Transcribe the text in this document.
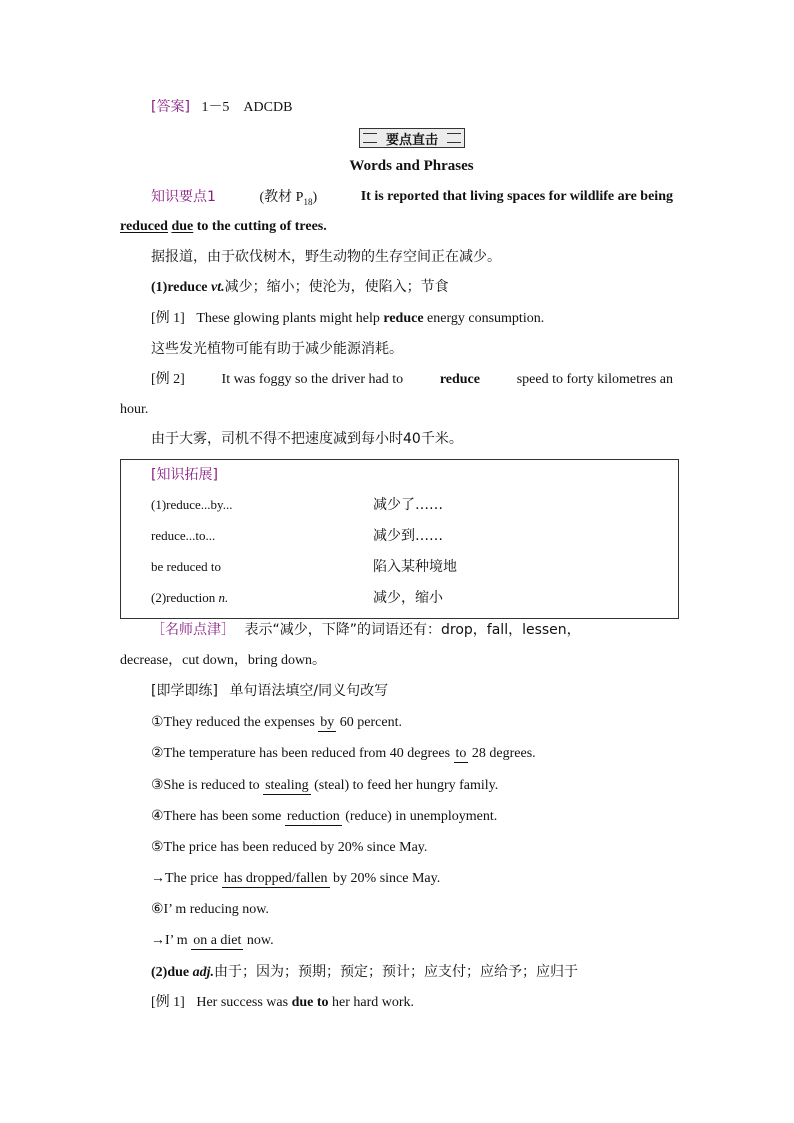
[答案] 1－5　ADCDB
要点直击
Words and Phrases
知识要点1	(教材 $P_{18}$)	It is reported that living spaces for wildlife are being
reduced due to the cutting of trees.
据报道，由于砍伐树木，野生动物的生存空间正在减少。
(1)reduce vt.减少；缩小；使沦为，使陷入；节食
[例 1] These glowing plants might help reduce energy consumption.
这些发光植物可能有助于减少能源消耗。
[例 2]	It was foggy so the driver had to	reduce	speed to forty kilometres an
hour.
由于大雾，司机不得不把速度减到每小时40千米。
[知识拓展]
(1)reduce...by...	减少了……
reduce...to...	减少到……
be reduced to	陷入某种境地
(2)reduction n.	减少，缩小
［名师点津］ 表示“减少，下降”的词语还有：drop，fall，lessen，
decrease，cut down，bring down。
[即学即练] 单句语法填空/同义句改写
①They reduced the expenses by 60 percent.
②The temperature has been reduced from 40 degrees to 28 degrees.
③She is reduced to stealing (steal) to feed her hungry family.
④There has been some reduction (reduce) in unemployment.
⑤The price has been reduced by 20% since May.
→The price has dropped/fallen by 20% since May.
⑥I’ m reducing now.
→I’ m on a diet now.
(2)due adj.由于；因为；预期；预定；预计；应支付；应给予；应归于
[例 1] Her success was due to her hard work.
